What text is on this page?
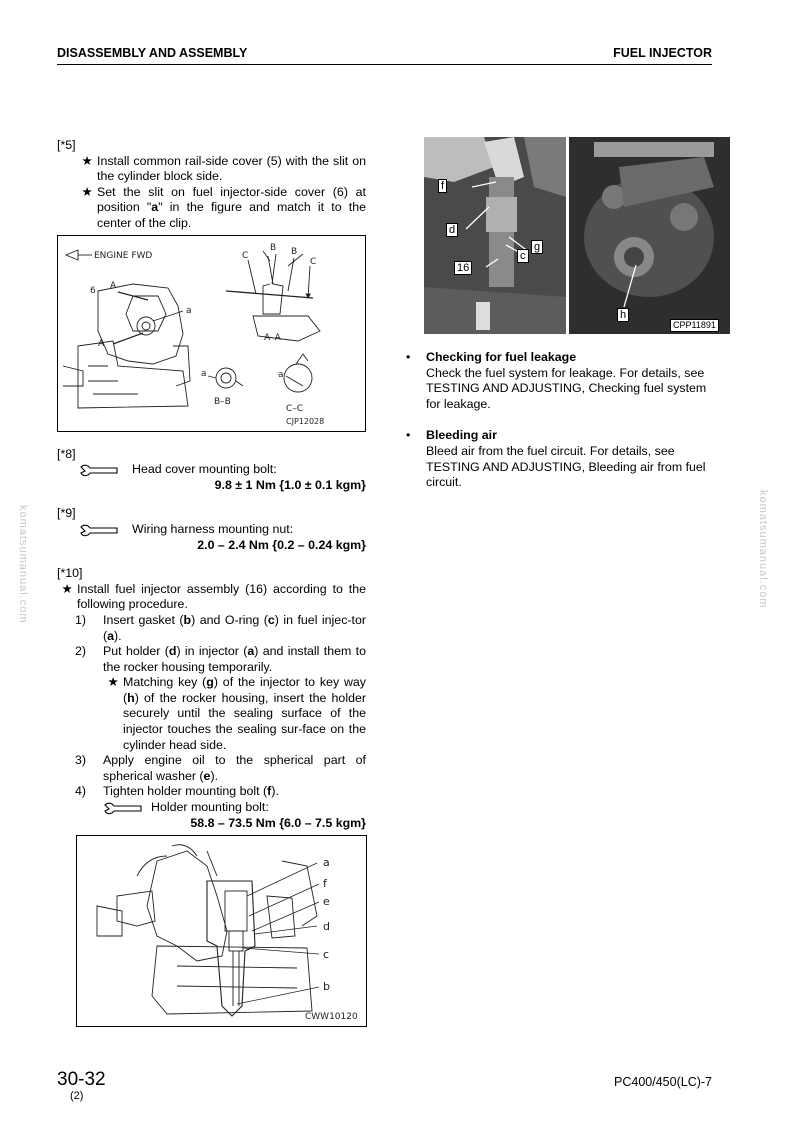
DISASSEMBLY AND ASSEMBLY	FUEL INJECTOR
komatsumanual.com	komatsumanual.com

[*5]

★ Install common rail-side cover (5) with the slit on the cylinder block side.
★ Set the slit on fuel injector-side cover (6) at position "a" in the figure and match it to the center of the clip.
ENGINE FWD
6 A
A
a
C
B B
C
A–A
a	a
B–B
C–C
CJP12028

[*8]

Head cover mounting bolt:
9.8 ± 1 Nm {1.0 ± 0.1 kgm}

[*9]

Wiring harness mounting nut:
2.0 – 2.4 Nm {0.2 – 0.24 kgm}

[*10]

★ Install fuel injector assembly (16) according to the following procedure.
1)	Insert gasket (b) and O-ring (c) in fuel injec-tor (a).
2)	Put holder (d) in injector (a) and install them to the rocker housing temporarily.
★ Matching key (g) of the injector to key way (h) of the rocker housing, insert the holder securely until the sealing surface of the injector touches the sealing sur-face on the cylinder head side.
3)	Apply engine oil to the spherical part of spherical washer (e).
4)	Tighten holder mounting bolt (f).
Holder mounting bolt:
58.8 – 73.5 Nm {6.0 – 7.5 kgm}
a
f
e
d
c
b
CWW10120
f
d
g
c
16
h
CPP11891
•	Checking for fuel leakage
Check the fuel system for leakage. For details, see TESTING AND ADJUSTING, Checking fuel system for leakage.
•	Bleeding air
Bleed air from the fuel circuit. For details, see TESTING AND ADJUSTING, Bleeding air from fuel circuit.
30-32
(2)
PC400/450(LC)-7
